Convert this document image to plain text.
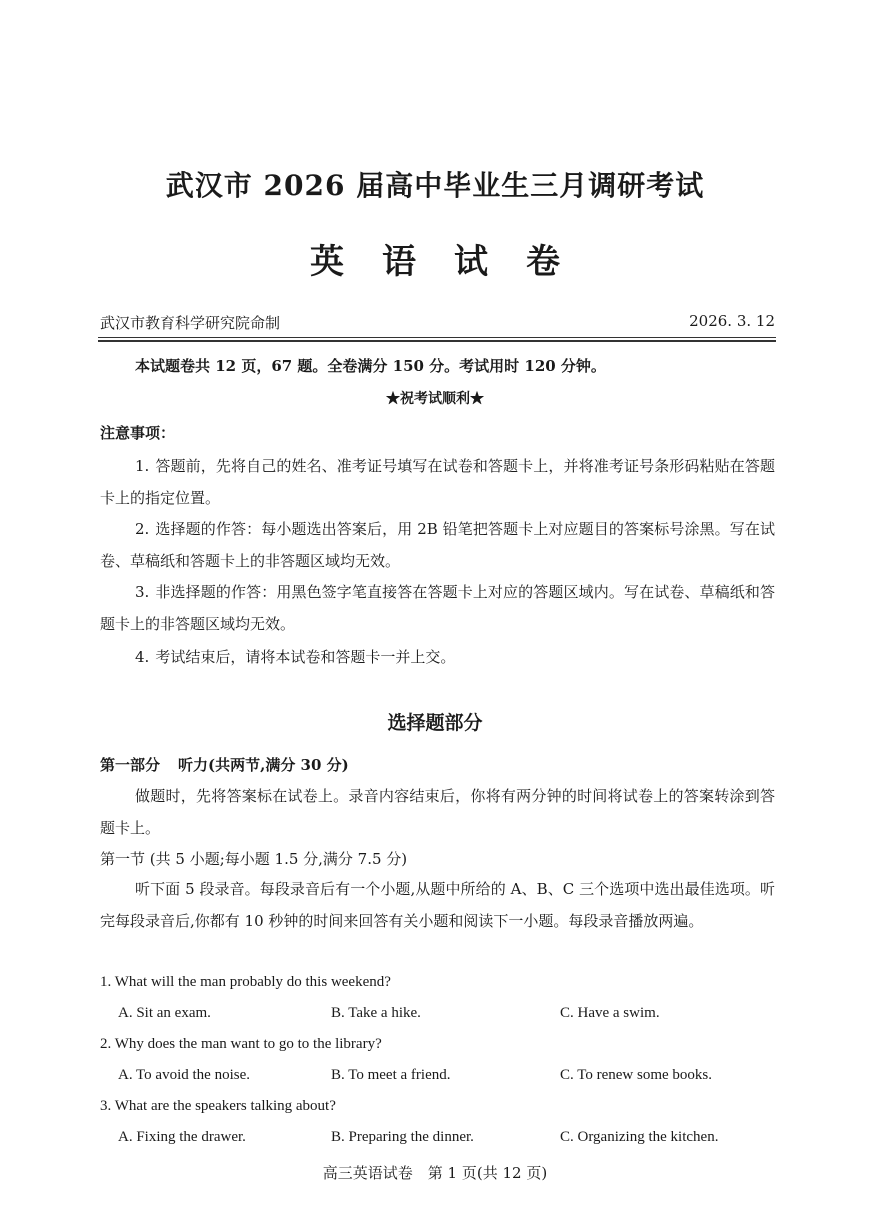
武汉市 2026 届高中毕业生三月调研考试
英语试卷
武汉市教育科学研究院命制	2026. 3. 12
本试题卷共 12 页，67 题。全卷满分 150 分。考试用时 120 分钟。
★祝考试顺利★
注意事项：
1. 答题前，先将自己的姓名、准考证号填写在试卷和答题卡上，并将准考证号条形码粘贴在答题卡上的指定位置。
2. 选择题的作答：每小题选出答案后，用 2B 铅笔把答题卡上对应题目的答案标号涂黑。写在试卷、草稿纸和答题卡上的非答题区域均无效。
3. 非选择题的作答：用黑色签字笔直接答在答题卡上对应的答题区域内。写在试卷、草稿纸和答题卡上的非答题区域均无效。
4. 考试结束后，请将本试卷和答题卡一并上交。
选择题部分
第一部分 听力(共两节,满分 30 分)
做题时，先将答案标在试卷上。录音内容结束后，你将有两分钟的时间将试卷上的答案转涂到答题卡上。
第一节 (共 5 小题;每小题 1.5 分,满分 7.5 分)
听下面 5 段录音。每段录音后有一个小题,从题中所给的 A、B、C 三个选项中选出最佳选项。听完每段录音后,你都有 10 秒钟的时间来回答有关小题和阅读下一小题。每段录音播放两遍。
1. What will the man probably do this weekend?
A. Sit an exam.	B. Take a hike.	C. Have a swim.
2. Why does the man want to go to the library?
A. To avoid the noise.	B. To meet a friend.	C. To renew some books.
3. What are the speakers talking about?
A. Fixing the drawer.	B. Preparing the dinner.	C. Organizing the kitchen.
高三英语试卷　第 1 页(共 12 页)
